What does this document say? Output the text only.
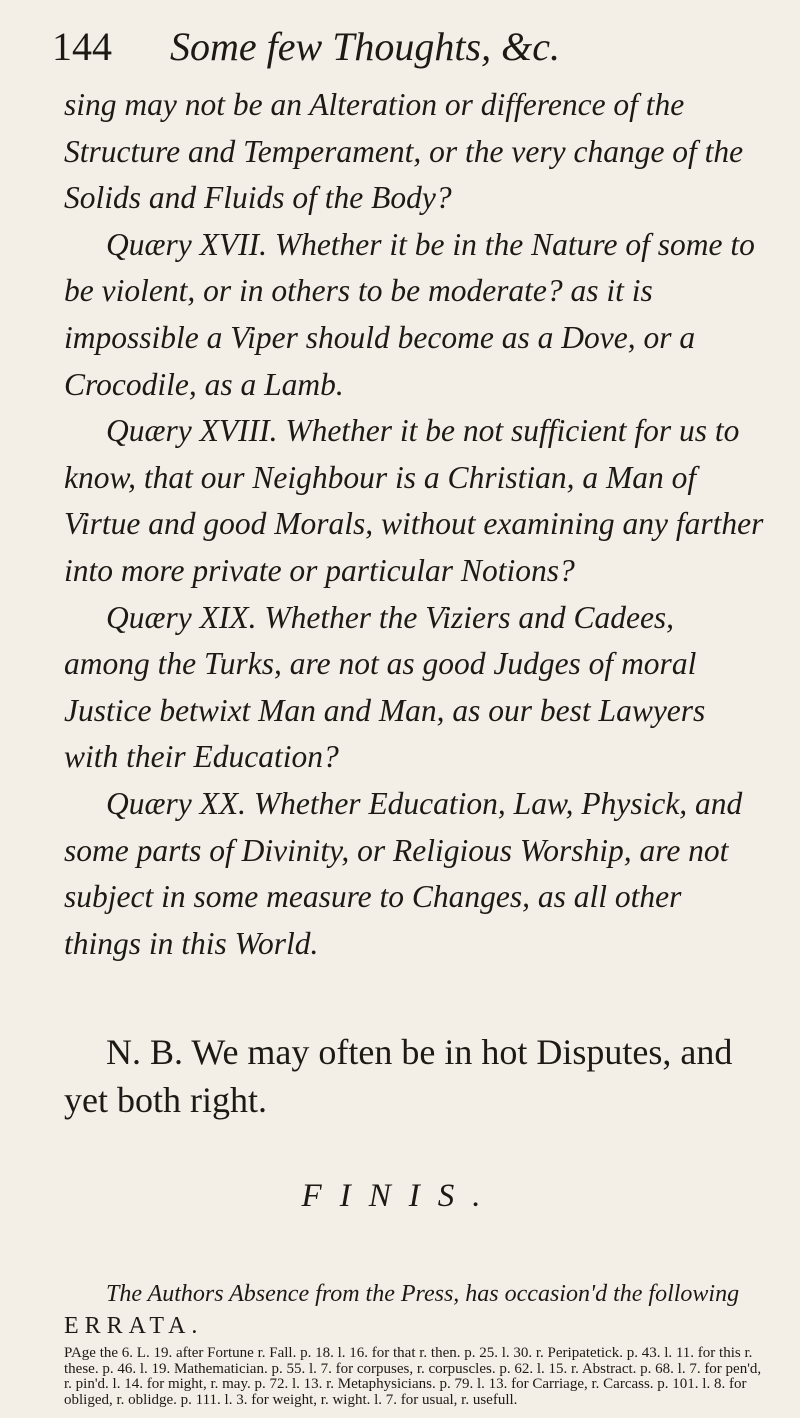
144 Some few Thoughts, &c.

sing may not be an Alteration or difference of the Structure and Temperament, or the very change of the Solids and Fluids of the Body?

Quæry XVII. Whether it be in the Nature of some to be violent, or in others to be moderate? as it is impossible a Viper should become as a Dove, or a Crocodile, as a Lamb.

Quæry XVIII. Whether it be not sufficient for us to know, that our Neighbour is a Christian, a Man of Virtue and good Morals, without examining any farther into more private or particular Notions?

Quæry XIX. Whether the Viziers and Cadees, among the Turks, are not as good Judges of moral Justice betwixt Man and Man, as our best Lawyers with their Education?

Quæry XX. Whether Education, Law, Physick, and some parts of Divinity, or Religious Worship, are not subject in some measure to Changes, as all other things in this World.

N. B. We may often be in hot Disputes, and yet both right.
FINIS.
The Authors Absence from the Press, has occasion'd the following ERRATA.
PAge the 6. L. 19. after Fortune r. Fall. p. 18. l. 16. for that r. then. p. 25. l. 30. r. Peripatetick. p. 43. l. 11. for this r. these. p. 46. l. 19. Mathematician. p. 55. l. 7. for corpuses, r. corpuscles. p. 62. l. 15. r. Abstract. p. 68. l. 7. for pen'd, r. pin'd. l. 14. for might, r. may. p. 72. l. 13. r. Metaphysicians. p. 79. l. 13. for Carriage, r. Carcass. p. 101. l. 8. for obliged, r. oblidge. p. 111. l. 3. for weight, r. wight. l. 7. for usual, r. usefull.
